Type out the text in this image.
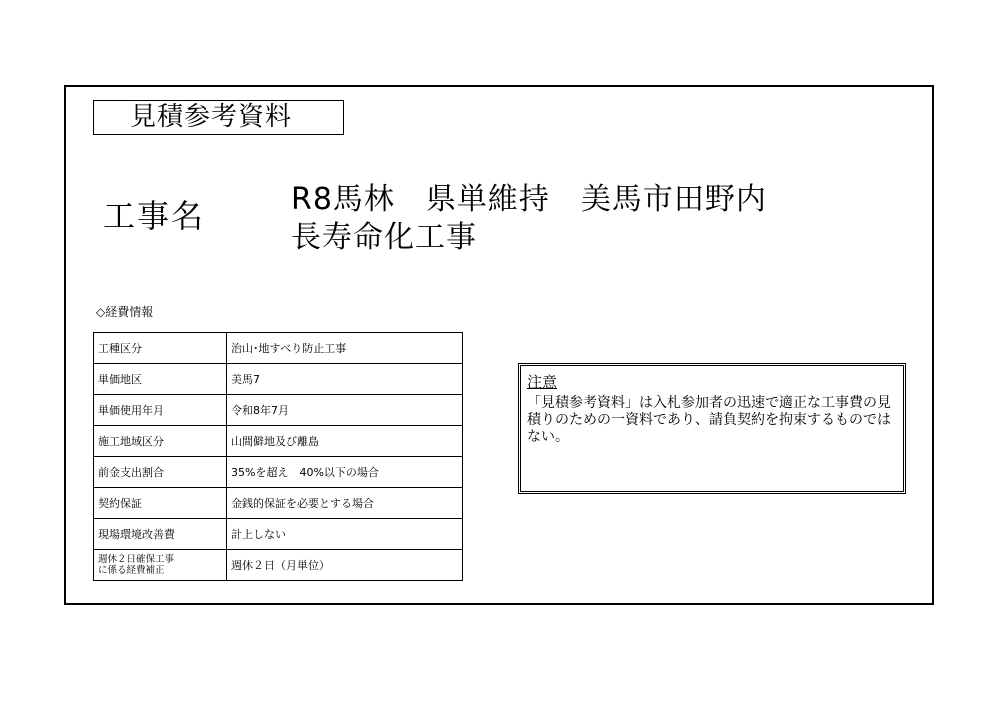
見積参考資料
工事名	R8馬林　県単維持　美馬市田野内
長寿命化工事
◇経費情報
工種区分	治山･地すべり防止工事
単価地区	美馬7
単価使用年月	令和8年7月
施工地域区分	山間僻地及び離島
前金支出割合	35%を超え　40%以下の場合
契約保証	金銭的保証を必要とする場合
現場環境改善費	計上しない

週休２日確保工事
に係る経費補正	週休２日（月単位）
注意
「見積参考資料」は入札参加者の迅速で適正な工事費の見積りのための一資料であり、請負契約を拘束するものではない。
